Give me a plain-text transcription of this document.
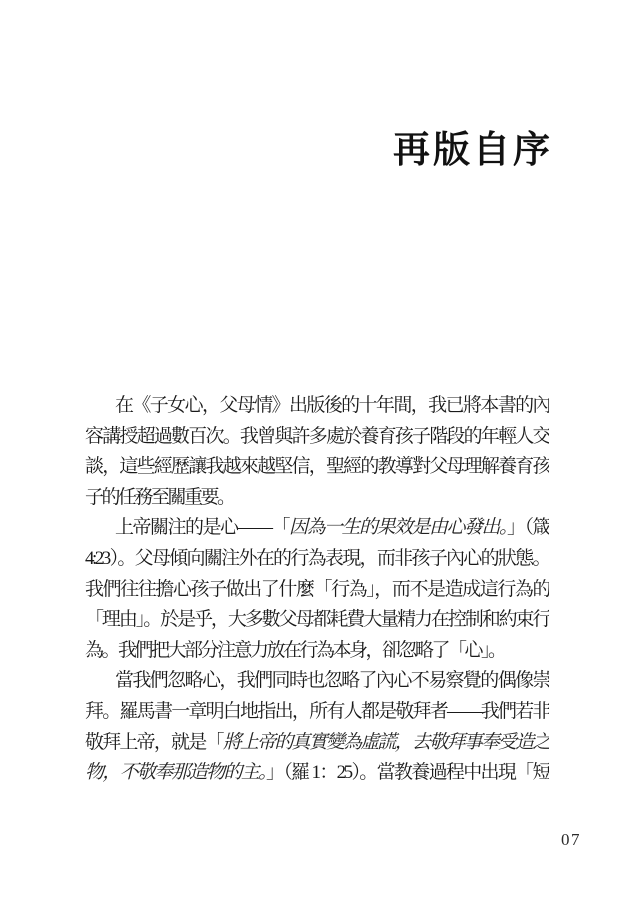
再版自序
在《子女心，父母情》出版後的十年間，我已將本書的內
容講授超過數百次。我曾與許多處於養育孩子階段的年輕人交
談，這些經歷讓我越來越堅信，聖經的教導對父母理解養育孩
子的任務至關重要。
上帝關注的是心——「因為一生的果效是由心發出。」（箴
4:23）。父母傾向關注外在的行為表現，而非孩子內心的狀態。
我們往往擔心孩子做出了什麼「行為」，而不是造成這行為的
「理由」。於是乎，大多數父母都耗費大量精力在控制和約束行
為。我們把大部分注意力放在行為本身，卻忽略了「心」。
當我們忽略心，我們同時也忽略了內心不易察覺的偶像崇
拜。羅馬書一章明白地指出，所有人都是敬拜者——我們若非
敬拜上帝，就是「將上帝的真實變為虛謊，去敬拜事奉受造之
物，不敬奉那造物的主。」（羅 1：25）。當教養過程中出現「短
07
